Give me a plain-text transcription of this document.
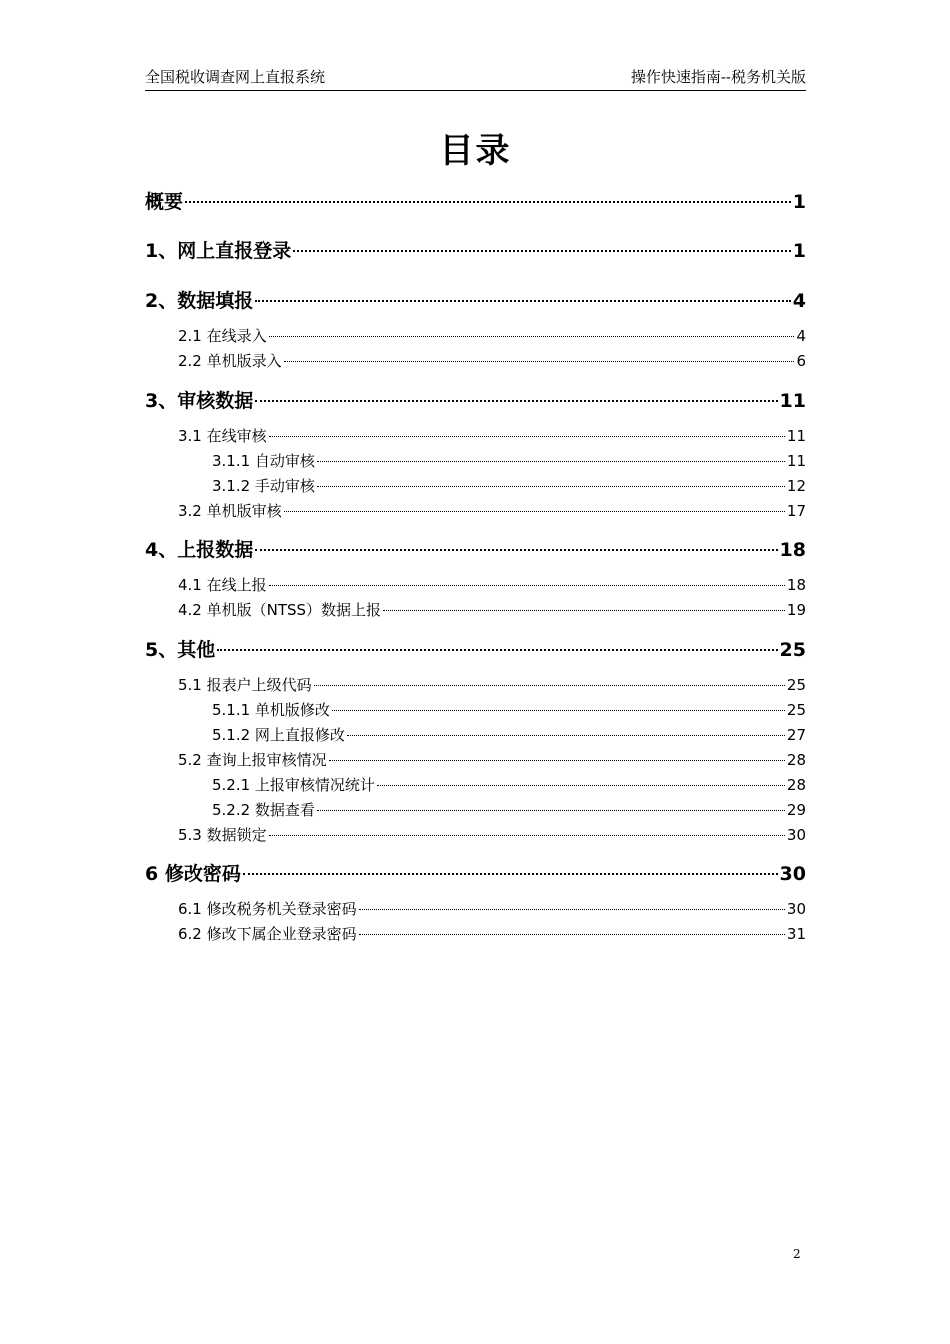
全国税收调查网上直报系统	操作快速指南--税务机关版
目录
概要	1
1、网上直报登录	1
2、数据填报	4
2.1 在线录入	4
2.2 单机版录入	6
3、审核数据	11
3.1 在线审核	11
3.1.1 自动审核	11
3.1.2 手动审核	12
3.2 单机版审核	17
4、上报数据	18
4.1 在线上报	18
4.2 单机版（NTSS）数据上报	19
5、其他	25
5.1 报表户上级代码	25
5.1.1 单机版修改	25
5.1.2 网上直报修改	27
5.2 查询上报审核情况	28
5.2.1 上报审核情况统计	28
5.2.2 数据查看	29
5.3 数据锁定	30
6 修改密码	30
6.1 修改税务机关登录密码	30
6.2 修改下属企业登录密码	31
2
